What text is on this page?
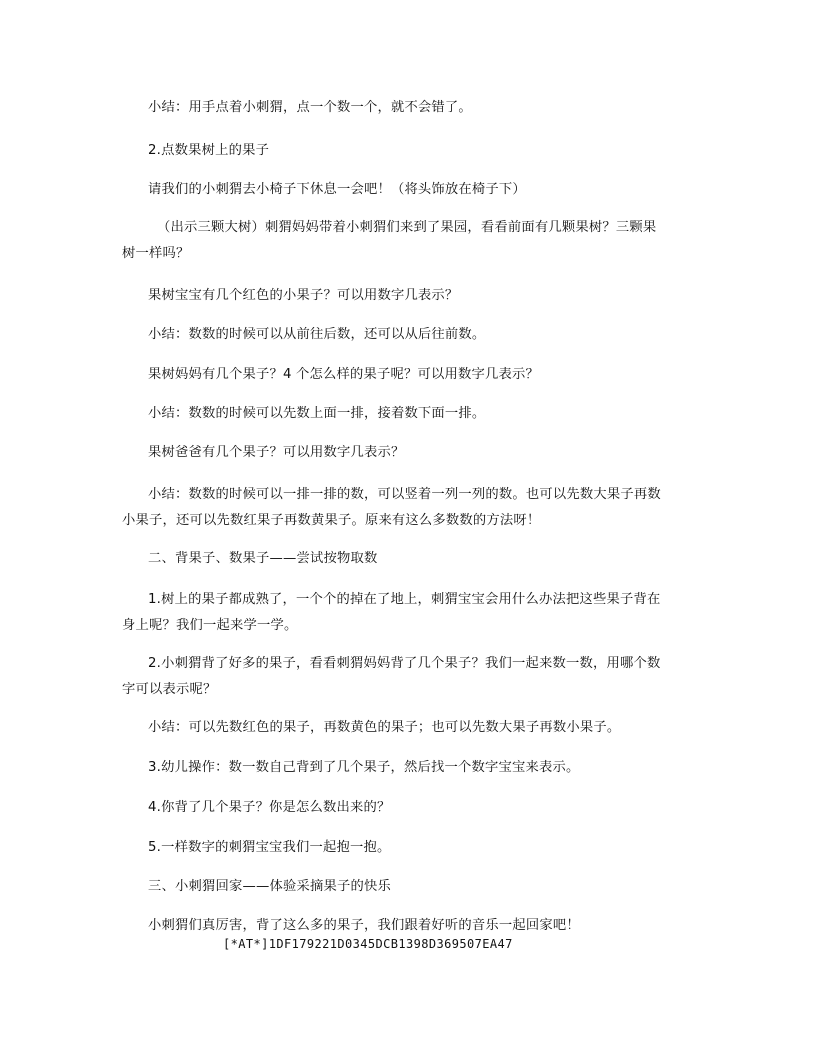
小结：用手点着小刺猬，点一个数一个，就不会错了。
2.点数果树上的果子
请我们的小刺猬去小椅子下休息一会吧！（将头饰放在椅子下）
（出示三颗大树）刺猬妈妈带着小刺猬们来到了果园，看看前面有几颗果树？三颗果树一样吗？
果树宝宝有几个红色的小果子？可以用数字几表示？
小结：数数的时候可以从前往后数，还可以从后往前数。
果树妈妈有几个果子？4 个怎么样的果子呢？可以用数字几表示？
小结：数数的时候可以先数上面一排，接着数下面一排。
果树爸爸有几个果子？可以用数字几表示？
小结：数数的时候可以一排一排的数，可以竖着一列一列的数。也可以先数大果子再数小果子，还可以先数红果子再数黄果子。原来有这么多数数的方法呀！
二、背果子、数果子——尝试按物取数
1.树上的果子都成熟了，一个个的掉在了地上，刺猬宝宝会用什么办法把这些果子背在身上呢？我们一起来学一学。
2.小刺猬背了好多的果子，看看刺猬妈妈背了几个果子？我们一起来数一数，用哪个数字可以表示呢？
小结：可以先数红色的果子，再数黄色的果子；也可以先数大果子再数小果子。
3.幼儿操作：数一数自己背到了几个果子，然后找一个数字宝宝来表示。
4.你背了几个果子？你是怎么数出来的？
5.一样数字的刺猬宝宝我们一起抱一抱。
三、小刺猬回家——体验采摘果子的快乐
小刺猬们真厉害，背了这么多的果子，我们跟着好听的音乐一起回家吧！
[*AT*]1DF179221D0345DCB1398D369507EA47
